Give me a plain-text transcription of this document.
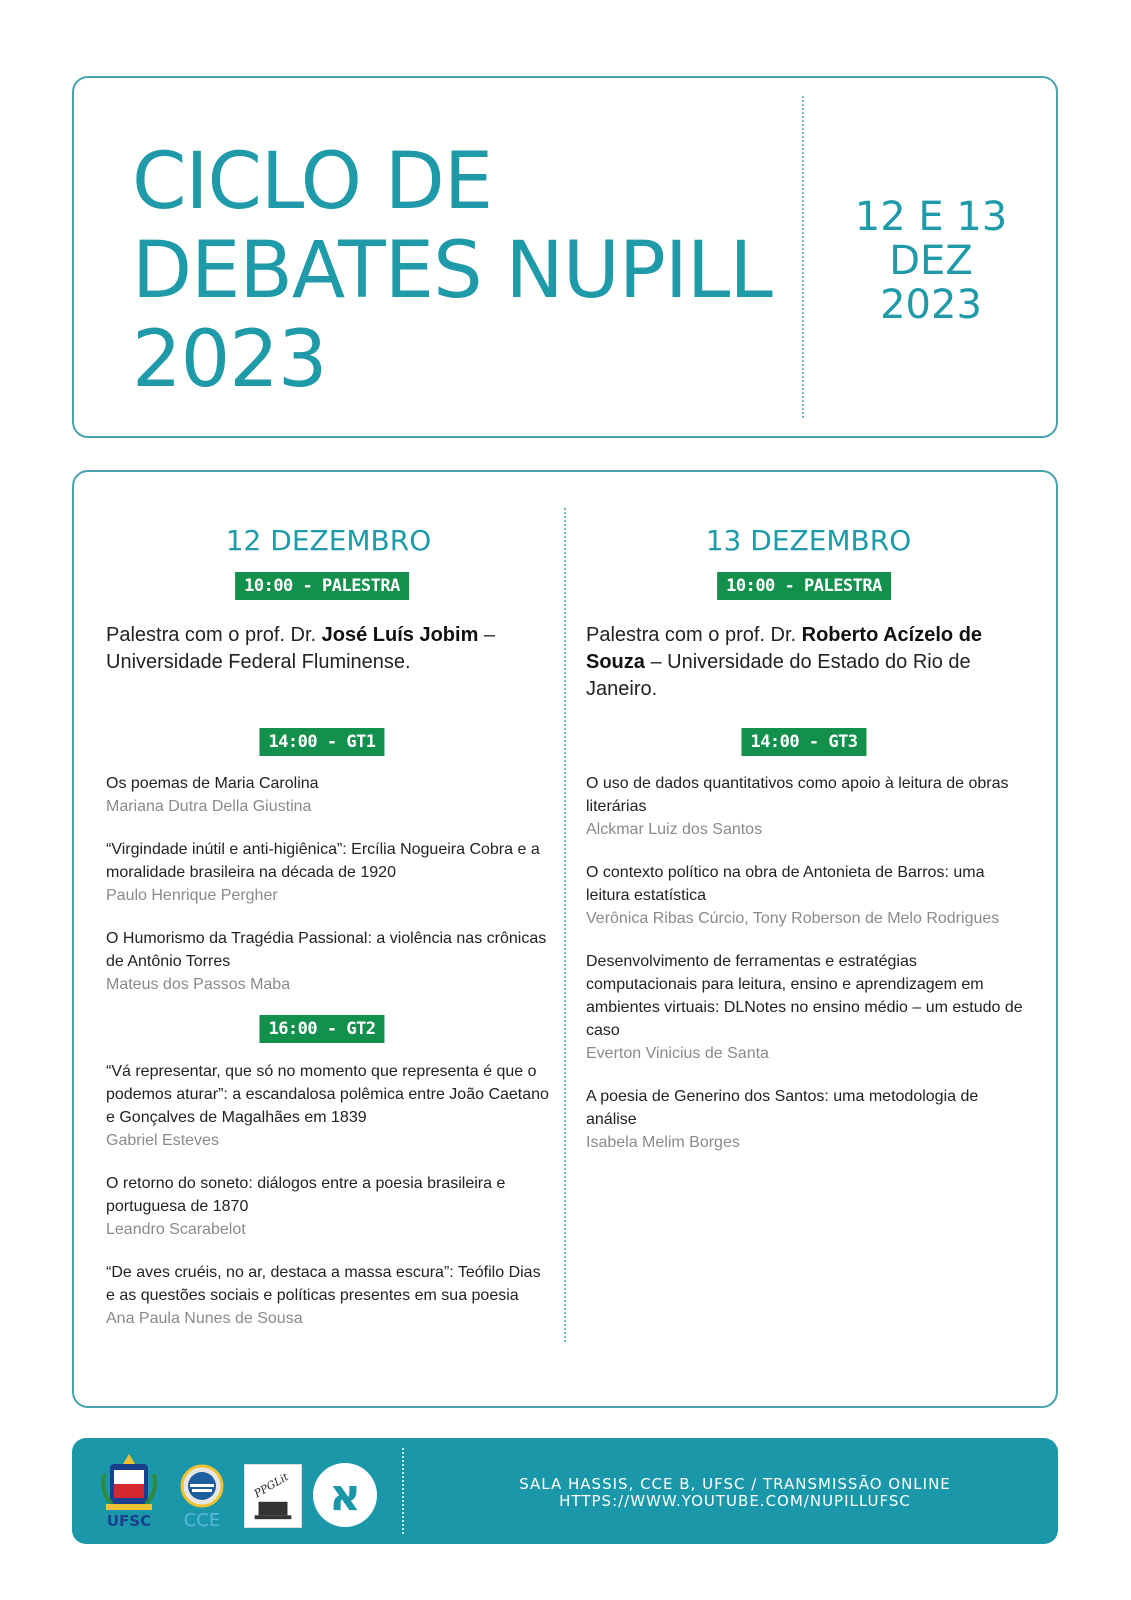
CICLO DE
DEBATES NUPILL
2023
12 E 13
DEZ
2023
12 DEZEMBRO
10:00 - PALESTRA
Palestra com o prof. Dr. José Luís Jobim – Universidade Federal Fluminense.
14:00 - GT1
Os poemas de Maria Carolina
Mariana Dutra Della Giustina
“Virgindade inútil e anti-higiênica”: Ercília Nogueira Cobra e a moralidade brasileira na década de 1920
Paulo Henrique Pergher
O Humorismo da Tragédia Passional: a violência nas crônicas de Antônio Torres
Mateus dos Passos Maba
16:00 - GT2
“Vá representar, que só no momento que representa é que o podemos aturar”: a escandalosa polêmica entre João Caetano e Gonçalves de Magalhães em 1839
Gabriel Esteves
O retorno do soneto: diálogos entre a poesia brasileira e portuguesa de 1870
Leandro Scarabelot
“De aves cruéis, no ar, destaca a massa escura”: Teófilo Dias e as questões sociais e políticas presentes em sua poesia
Ana Paula Nunes de Sousa
13 DEZEMBRO
10:00 - PALESTRA
Palestra com o prof. Dr. Roberto Acízelo de Souza – Universidade do Estado do Rio de Janeiro.
14:00 - GT3
O uso de dados quantitativos como apoio à leitura de obras literárias
Alckmar Luiz dos Santos
O contexto político na obra de Antonieta de Barros: uma leitura estatística
Verônica Ribas Cúrcio, Tony Roberson de Melo Rodrigues
Desenvolvimento de ferramentas e estratégias computacionais para leitura, ensino e aprendizagem em ambientes virtuais: DLNotes no ensino médio – um estudo de caso
Everton Vinicius de Santa
A poesia de Generino dos Santos: uma metodologia de análise
Isabela Melim Borges
UFSC CCE
PPGLit א	SALA HASSIS, CCE B, UFSC / TRANSMISSÃO ONLINE
HTTPS://WWW.YOUTUBE.COM/NUPILLUFSC
